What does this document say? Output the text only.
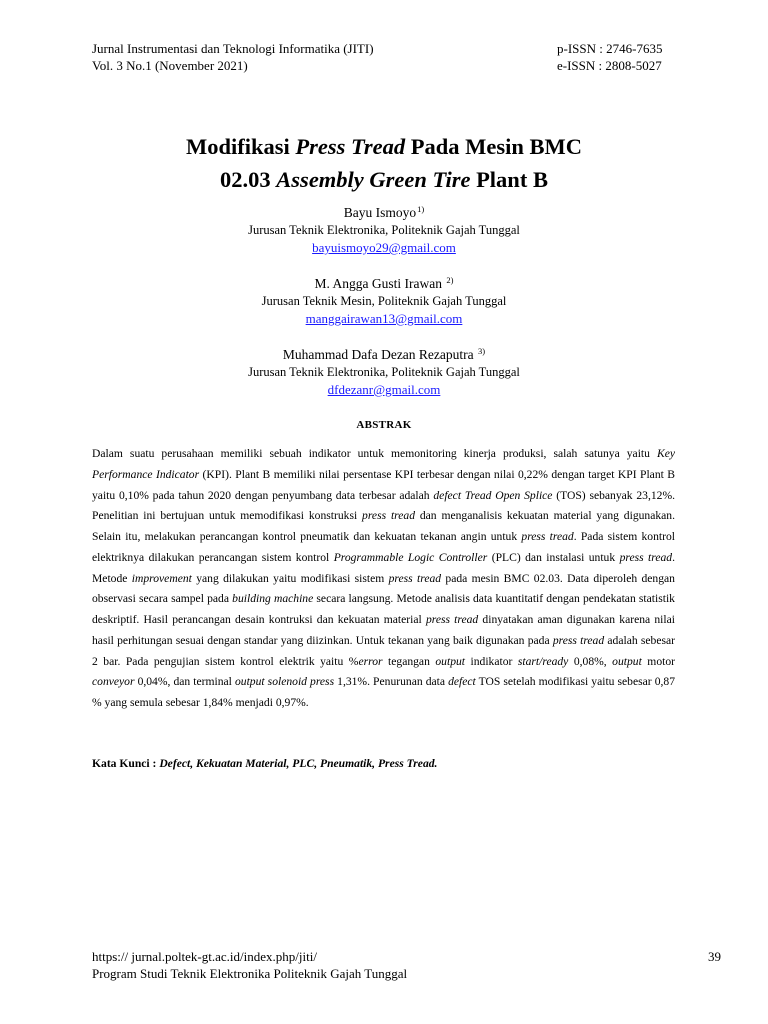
Jurnal Instrumentasi dan Teknologi Informatika (JITI)
Vol. 3 No.1 (November 2021)
p-ISSN : 2746-7635
e-ISSN : 2808-5027
Modifikasi Press Tread Pada Mesin BMC
02.03 Assembly Green Tire Plant B
Bayu Ismoyo$^{1)}$
Jurusan Teknik Elektronika, Politeknik Gajah Tunggal
bayuismoyo29@gmail.com
M. Angga Gusti Irawan $^{2)}$
Jurusan Teknik Mesin, Politeknik Gajah Tunggal
manggairawan13@gmail.com
Muhammad Dafa Dezan Rezaputra $^{3)}$
Jurusan Teknik Elektronika, Politeknik Gajah Tunggal
dfdezanr@gmail.com
ABSTRAK
Dalam suatu perusahaan memiliki sebuah indikator untuk memonitoring kinerja produksi, salah satunya yaitu Key Performance Indicator (KPI). Plant B memiliki nilai persentase KPI terbesar dengan nilai 0,22% dengan target KPI Plant B yaitu 0,10% pada tahun 2020 dengan penyumbang data terbesar adalah defect Tread Open Splice (TOS) sebanyak 23,12%. Penelitian ini bertujuan untuk memodifikasi konstruksi press tread dan menganalisis kekuatan material yang digunakan. Selain itu, melakukan perancangan kontrol pneumatik dan kekuatan tekanan angin untuk press tread. Pada sistem kontrol elektriknya dilakukan perancangan sistem kontrol Programmable Logic Controller (PLC) dan instalasi untuk press tread. Metode improvement yang dilakukan yaitu modifikasi sistem press tread pada mesin BMC 02.03. Data diperoleh dengan observasi secara sampel pada building machine secara langsung. Metode analisis data kuantitatif dengan pendekatan statistik deskriptif. Hasil perancangan desain kontruksi dan kekuatan material press tread dinyatakan aman digunakan karena nilai hasil perhitungan sesuai dengan standar yang diizinkan. Untuk tekanan yang baik digunakan pada press tread adalah sebesar 2 bar. Pada pengujian sistem kontrol elektrik yaitu %error tegangan output indikator start/ready 0,08%, output motor conveyor 0,04%, dan terminal output solenoid press 1,31%. Penurunan data defect TOS setelah modifikasi yaitu sebesar 0,87 % yang semula sebesar 1,84% menjadi 0,97%.
Kata Kunci : Defect, Kekuatan Material, PLC, Pneumatik, Press Tread.
https:// jurnal.poltek-gt.ac.id/index.php/jiti/
Program Studi Teknik Elektronika Politeknik Gajah Tunggal
39
